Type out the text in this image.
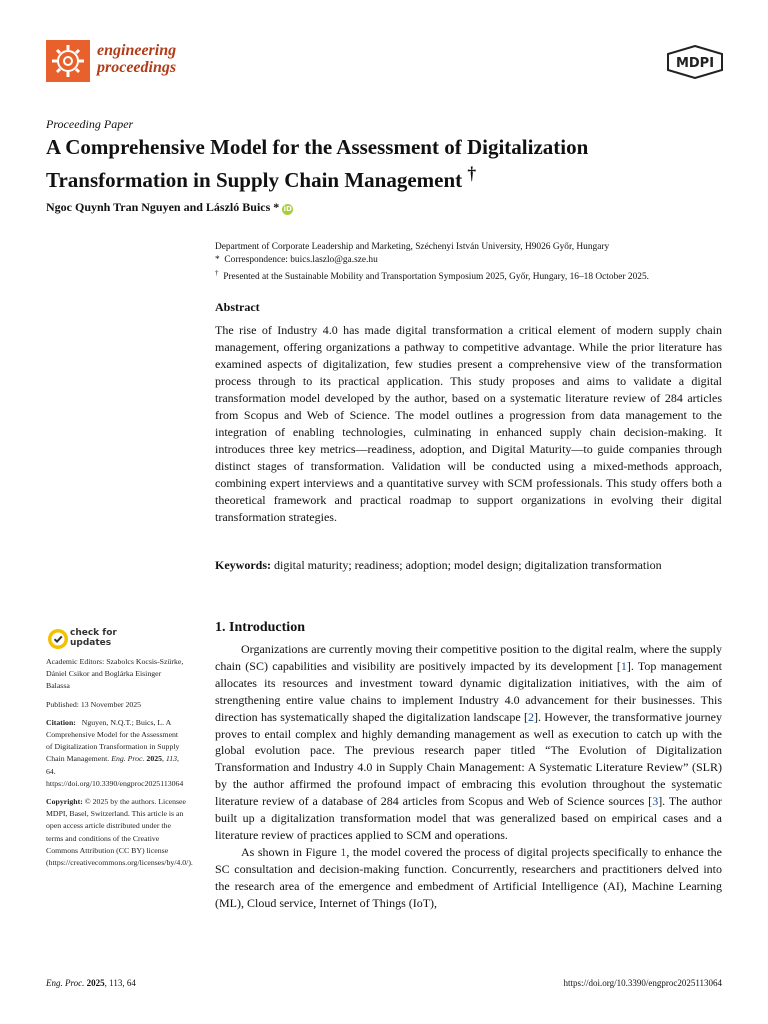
engineering
proceedings	MDPI
Proceeding Paper
A Comprehensive Model for the Assessment of Digitalization Transformation in Supply Chain Management †
Ngoc Quynh Tran Nguyen and László Buics * iD
Department of Corporate Leadership and Marketing, Széchenyi István University, H9026 Győr, Hungary
* Correspondence: buics.laszlo@ga.sze.hu
† Presented at the Sustainable Mobility and Transportation Symposium 2025, Győr, Hungary, 16–18 October 2025.
Abstract
The rise of Industry 4.0 has made digital transformation a critical element of modern supply chain management, offering organizations a pathway to competitive advantage. While the prior literature has examined aspects of digitalization, few studies present a comprehensive view of the transformation process through to its practical application. This study proposes and aims to validate a digital transformation model developed by the author, based on a systematic literature review of 284 articles from Scopus and Web of Science. The model outlines a progression from data management to the integration of enabling technologies, culminating in enhanced supply chain decision-making. It introduces three key metrics—readiness, adoption, and Digital Maturity—to guide companies through distinct stages of transformation. Validation will be conducted using a mixed-methods approach, combining expert interviews and a quantitative survey with SCM professionals. This study offers both a theoretical framework and practical roadmap to support organizations in evolving their digital transformation strategies.
Keywords: digital maturity; readiness; adoption; model design; digitalization transformation
1. Introduction

Organizations are currently moving their competitive position to the digital realm, where the supply chain (SC) capabilities and visibility are positively impacted by its development [1]. Top management allocates its resources and investment toward dynamic digitalization initiatives, with the aim of strengthening entire value chains to implement Industry 4.0 advancement for their businesses. This direction has systematically shaped the digitalization landscape [2]. However, the transformative journey proves to entail complex and highly demanding management as well as execution to catch up with the global evolution pace. The previous research paper titled “The Evolution of Digitalization Transformation and Industry 4.0 in Supply Chain Management: A Systematic Literature Review” (SLR) by the author affirmed the profound impact of embracing this evolution throughout the systematic literature review of a database of 284 articles from Scopus and Web of Science sources [3]. The author built up a digitalization transformation model that was generalized based on empirical cases and a literature review of practices applied to SCM and operations.

As shown in Figure 1, the model covered the process of digital projects specifically to enhance the SC consultation and decision-making function. Concurrently, researchers and practitioners delved into the research area of the emergence and embedment of Artificial Intelligence (AI), Machine Learning (ML), Cloud service, Internet of Things (IoT),

check for
updates

Academic Editors: Szabolcs Kocsis-Szürke, Dániel Csikor and Boglárka Eisinger Balassa

Published: 13 November 2025

Citation: Nguyen, N.Q.T.; Buics, L. A Comprehensive Model for the Assessment of Digitalization Transformation in Supply Chain Management. Eng. Proc. 2025, 113, 64. https://doi.org/10.3390/engproc2025113064

Copyright: © 2025 by the authors. Licensee MDPI, Basel, Switzerland. This article is an open access article distributed under the terms and conditions of the Creative Commons Attribution (CC BY) license (https://creativecommons.org/licenses/by/4.0/).

Eng. Proc. 2025, 113, 64	https://doi.org/10.3390/engproc2025113064
